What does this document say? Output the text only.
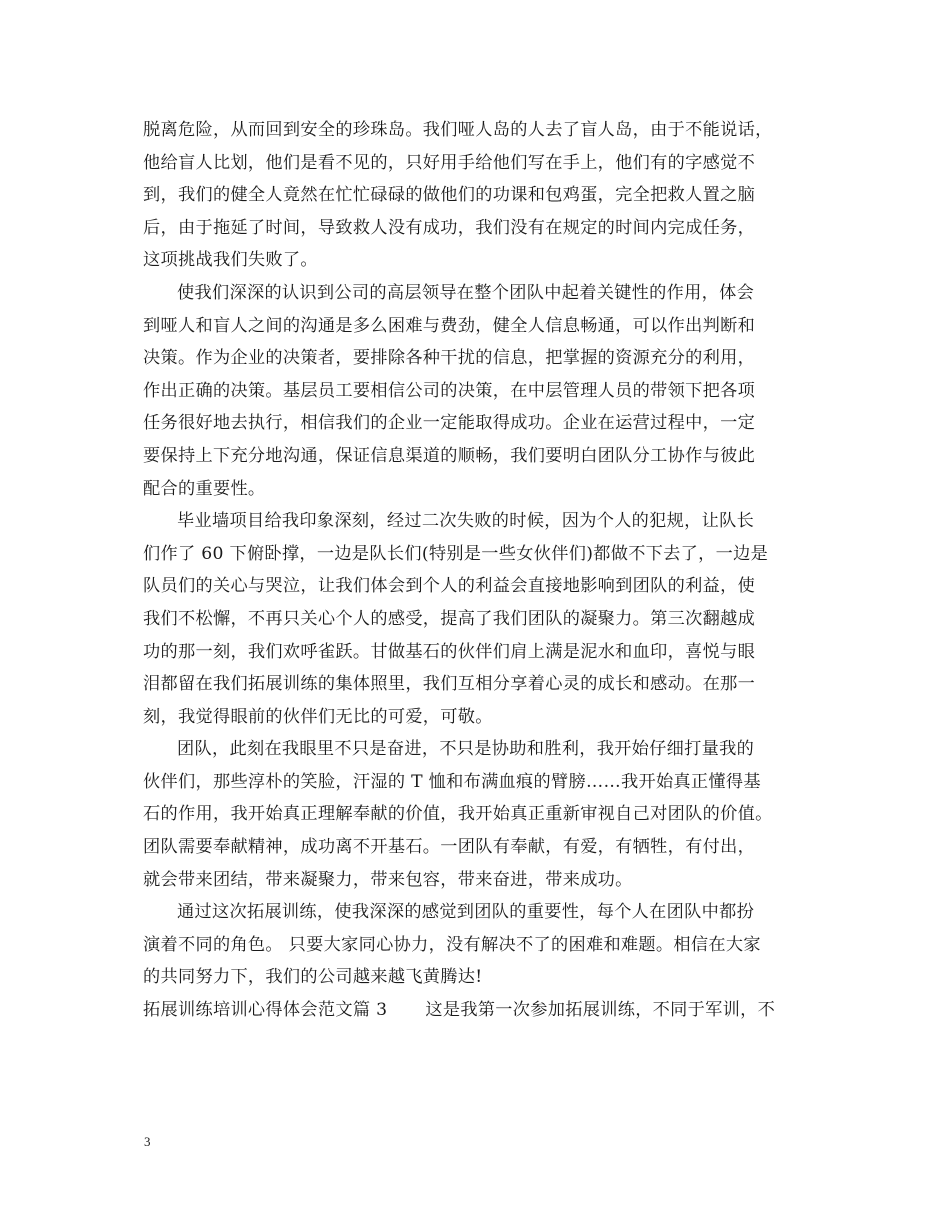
脱离危险，从而回到安全的珍珠岛。我们哑人岛的人去了盲人岛，由于不能说话，
他给盲人比划，他们是看不见的，只好用手给他们写在手上，他们有的字感觉不
到，我们的健全人竟然在忙忙碌碌的做他们的功课和包鸡蛋，完全把救人置之脑
后，由于拖延了时间，导致救人没有成功，我们没有在规定的时间内完成任务，
这项挑战我们失败了。
使我们深深的认识到公司的高层领导在整个团队中起着关键性的作用，体会
到哑人和盲人之间的沟通是多么困难与费劲，健全人信息畅通，可以作出判断和
决策。作为企业的决策者，要排除各种干扰的信息，把掌握的资源充分的利用，
作出正确的决策。基层员工要相信公司的决策，在中层管理人员的带领下把各项
任务很好地去执行，相信我们的企业一定能取得成功。企业在运营过程中，一定
要保持上下充分地沟通，保证信息渠道的顺畅，我们要明白团队分工协作与彼此
配合的重要性。
毕业墙项目给我印象深刻，经过二次失败的时候，因为个人的犯规，让队长
们作了 60 下俯卧撑，一边是队长们(特别是一些女伙伴们)都做不下去了，一边是
队员们的关心与哭泣，让我们体会到个人的利益会直接地影响到团队的利益，使
我们不松懈，不再只关心个人的感受，提高了我们团队的凝聚力。第三次翻越成
功的那一刻，我们欢呼雀跃。甘做基石的伙伴们肩上满是泥水和血印，喜悦与眼
泪都留在我们拓展训练的集体照里，我们互相分享着心灵的成长和感动。在那一
刻，我觉得眼前的伙伴们无比的可爱，可敬。
团队，此刻在我眼里不只是奋进，不只是协助和胜利，我开始仔细打量我的
伙伴们，那些淳朴的笑脸，汗湿的 T 恤和布满血痕的臂膀……我开始真正懂得基
石的作用，我开始真正理解奉献的价值，我开始真正重新审视自己对团队的价值。
团队需要奉献精神，成功离不开基石。一团队有奉献，有爱，有牺牲，有付出，
就会带来团结，带来凝聚力，带来包容，带来奋进，带来成功。
通过这次拓展训练，使我深深的感觉到团队的重要性，每个人在团队中都扮
演着不同的角色。 只要大家同心协力，没有解决不了的困难和难题。相信在大家
的共同努力下，我们的公司越来越飞黄腾达!
拓展训练培训心得体会范文篇 3 这是我第一次参加拓展训练，不同于军训，不
3
